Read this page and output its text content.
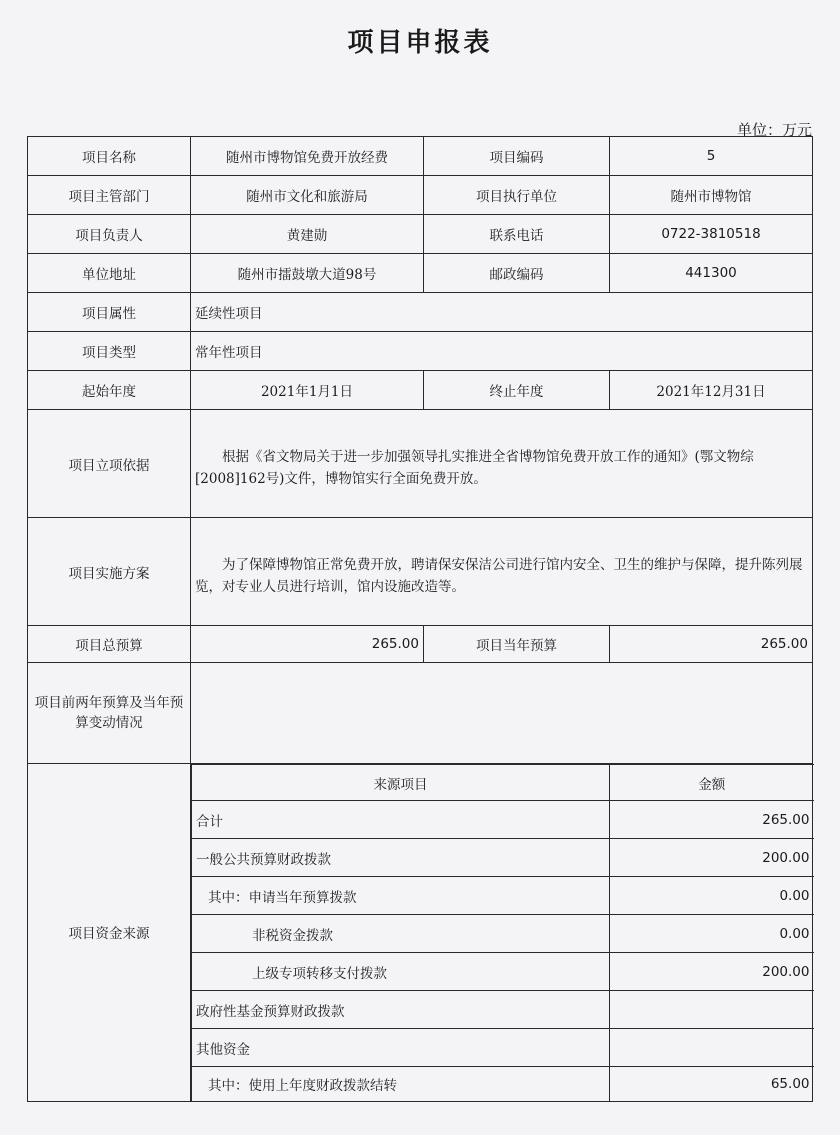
项目申报表
单位：万元
项目名称	随州市博物馆免费开放经费	项目编码	5
项目主管部门	随州市文化和旅游局	项目执行单位	随州市博物馆
项目负责人	黄建勋	联系电话	0722-3810518
单位地址	随州市擂鼓墩大道98号	邮政编码	441300
项目属性	延续性项目
项目类型	常年性项目
起始年度	2021年1月1日	终止年度	2021年12月31日
项目立项依据	根据《省文物局关于进一步加强领导扎实推进全省博物馆免费开放工作的通知》(鄂文物综[2008]162号)文件，博物馆实行全面免费开放。
项目实施方案	为了保障博物馆正常免费开放，聘请保安保洁公司进行馆内安全、卫生的维护与保障，提升陈列展览，对专业人员进行培训，馆内设施改造等。
项目总预算	265.00	项目当年预算	265.00
项目前两年预算及当年预算变动情况	
项目资金来源	
来源项目	金额
合计	265.00
一般公共预算财政拨款	200.00
其中：申请当年预算拨款	0.00
非税资金拨款	0.00
上级专项转移支付拨款	200.00
政府性基金预算财政拨款	
其他资金	
其中：使用上年度财政拨款结转	65.00
